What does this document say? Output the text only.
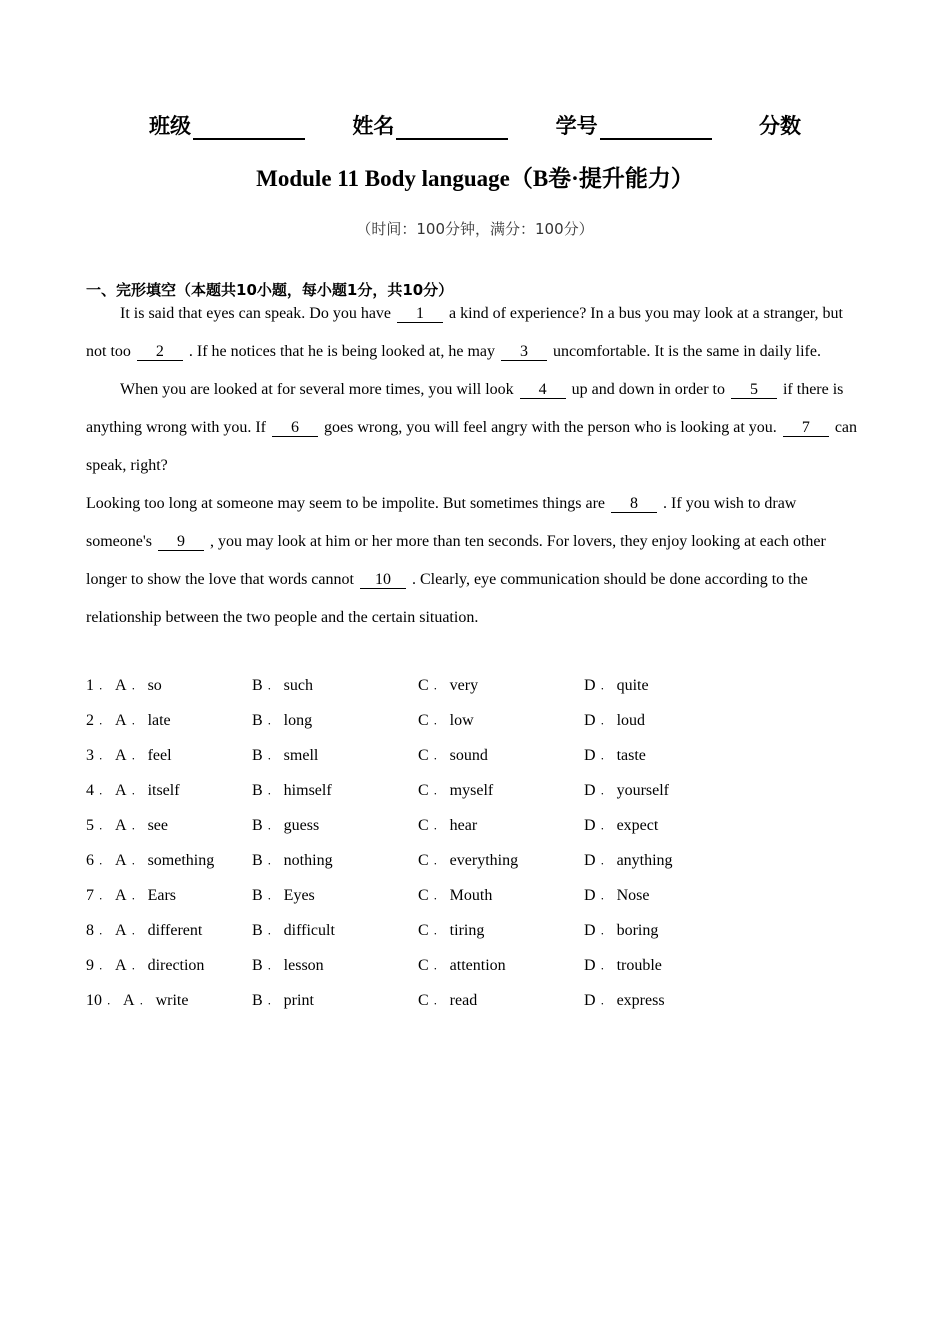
班级	姓名	学号	分数
Module 11 Body language（B卷·提升能力）
（时间：100分钟，满分：100分）
一、完形填空（本题共10小题，每小题1分，共10分）

It is said that eyes can speak. Do you have 1 a kind of experience? In a bus you may look at a stranger, but not too 2 . If he notices that he is being looked at, he may 3 uncomfortable. It is the same in daily life.

When you are looked at for several more times, you will look 4 up and down in order to 5 if there is anything wrong with you. If 6 goes wrong, you will feel angry with the person who is looking at you. 7 can speak, right?

Looking too long at someone may seem to be impolite. But sometimes things are 8 . If you wish to draw someone's 9 , you may look at him or her more than ten seconds. For lovers, they enjoy looking at each other longer to show the love that words cannot 10 . Clearly, eye communication should be done according to the relationship between the two people and the certain situation.

1 ． A ． so	B ． such	C ． very	D ． quite
2 ． A ． late	B ． long	C ． low	D ． loud
3 ． A ． feel	B ． smell	C ． sound	D ． taste
4 ． A ． itself	B ． himself	C ． myself	D ． yourself
5 ． A ． see	B ． guess	C ． hear	D ． expect
6 ． A ． something B ． nothing	C ． everything	D ． anything
7 ． A ． Ears	B ． Eyes	C ． Mouth	D ． Nose
8 ． A ． different	B ． difficult	C ． tiring	D ． boring
9 ． A ． direction	B ． lesson	C ． attention	D ． trouble
10 ． A ． write	B ． print	C ． read	D ． express
